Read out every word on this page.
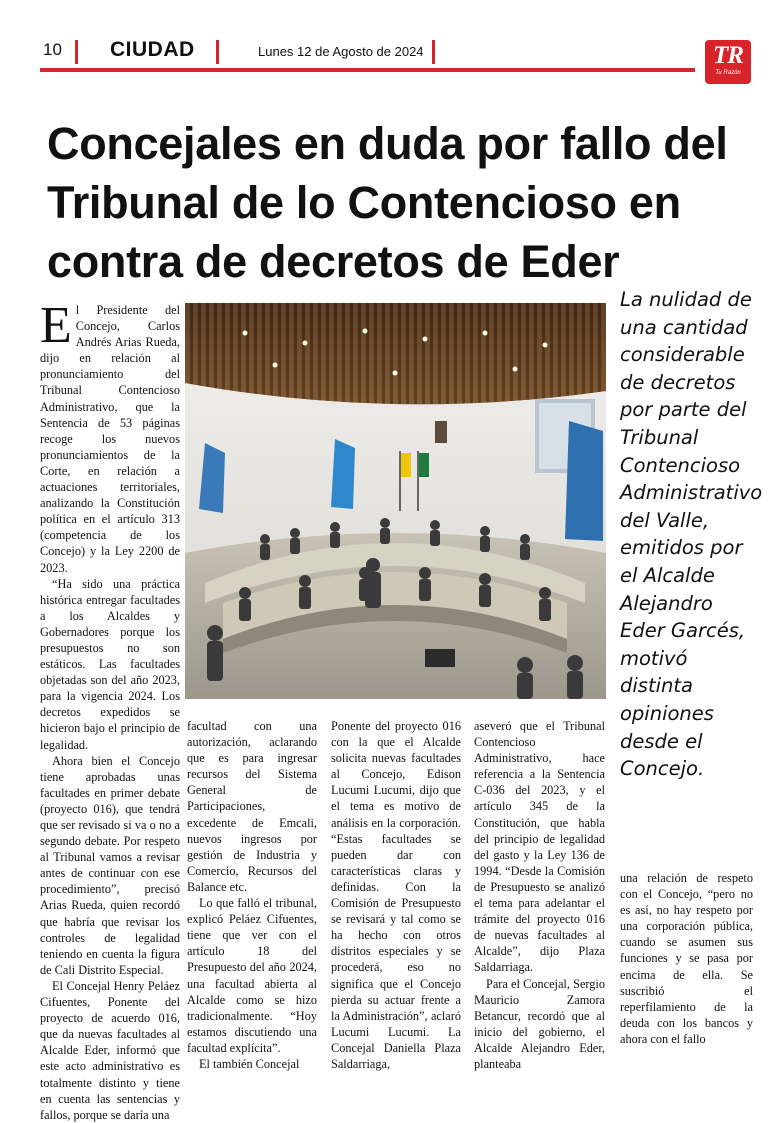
10 CIUDAD	Lunes 12 de Agosto de 2024	TR
Tu Razón
Concejales en duda por fallo del Tribunal de lo Contencioso en contra de decretos de Eder

El Presidente del Concejo, Carlos Andrés Arias Rueda, dijo en relación al pronunciamiento del Tribunal Contencioso Administrativo, que la Sentencia de 53 páginas recoge los nuevos pronunciamientos de la Corte, en relación a actuaciones territoriales, analizando la Constitución política en el artículo 313 (competencia de los Concejo) y la Ley 2200 de 2023.

“Ha sido una práctica histórica entregar facultades a los Alcaldes y Gobernadores porque los presupuestos no son estáticos. Las facultades objetadas son del año 2023, para la vigencia 2024. Los decretos expedidos se hicieron bajo el principio de legalidad.

Ahora bien el Concejo tiene aprobadas unas facultades en primer debate (proyecto 016), que tendrá que ser revisado si va o no a segundo debate. Por respeto al Tribunal vamos a revisar antes de continuar con ese procedimiento”, precisó Arias Rueda, quien recordó que habría que revisar los controles de legalidad teniendo en cuenta la figura de Cali Distrito Especial.

El Concejal Henry Peláez Cifuentes, Ponente del proyecto de acuerdo 016, que da nuevas facultades al Alcalde Eder, informó que este acto administrativo es totalmente distinto y tiene en cuenta las sentencias y fallos, porque se daría una

La nulidad de una cantidad considerable de decretos por parte del Tribunal Contencioso Administrativo del Valle, emitidos por el Alcalde Alejandro Eder Garcés, motivó distinta opiniones desde el Concejo.

facultad con una autorización, aclarando que es para ingresar recursos del Sistema General de Participaciones, excedente de Emcali, nuevos ingresos por gestión de Industria y Comercio, Recursos del Balance etc.

Lo que falló el tribunal, explicó Peláez Cifuentes, tiene que ver con el artículo 18 del Presupuesto del año 2024, una facultad abierta al Alcalde como se hizo tradicionalmente. “Hoy estamos discutiendo una facultad explícita”.

El también Concejal

Ponente del proyecto 016 con la que el Alcalde solicita nuevas facultades al Concejo, Edison Lucumi Lucumi, dijo que el tema es motivo de análisis en la corporación. “Estas facultades se pueden dar con características claras y definidas. Con la Comisión de Presupuesto se revisará y tal como se ha hecho con otros distritos especiales y se procederá, eso no significa que el Concejo pierda su actuar frente a la Administración”, aclaró Lucumi Lucumi. La Concejal Daniella Plaza Saldarriaga,

aseveró que el Tribunal Contencioso Administrativo, hace referencia a la Sentencia C-036 del 2023, y el artículo 345 de la Constitución, que habla del principio de legalidad del gasto y la Ley 136 de 1994. “Desde la Comisión de Presupuesto se analizó el tema para adelantar el trámite del proyecto 016 de nuevas facultades al Alcalde”, dijo Plaza Saldarriaga.

Para el Concejal, Sergio Mauricio Zamora Betancur, recordó que al inicio del gobierno, el Alcalde Alejandro Eder, planteaba

una relación de respeto con el Concejo, “pero no es así, no hay respeto por una corporación pública, cuando se asumen sus funciones y se pasa por encima de ella. Se suscribió el reperfilamiento de la deuda con los bancos y ahora con el fallo
